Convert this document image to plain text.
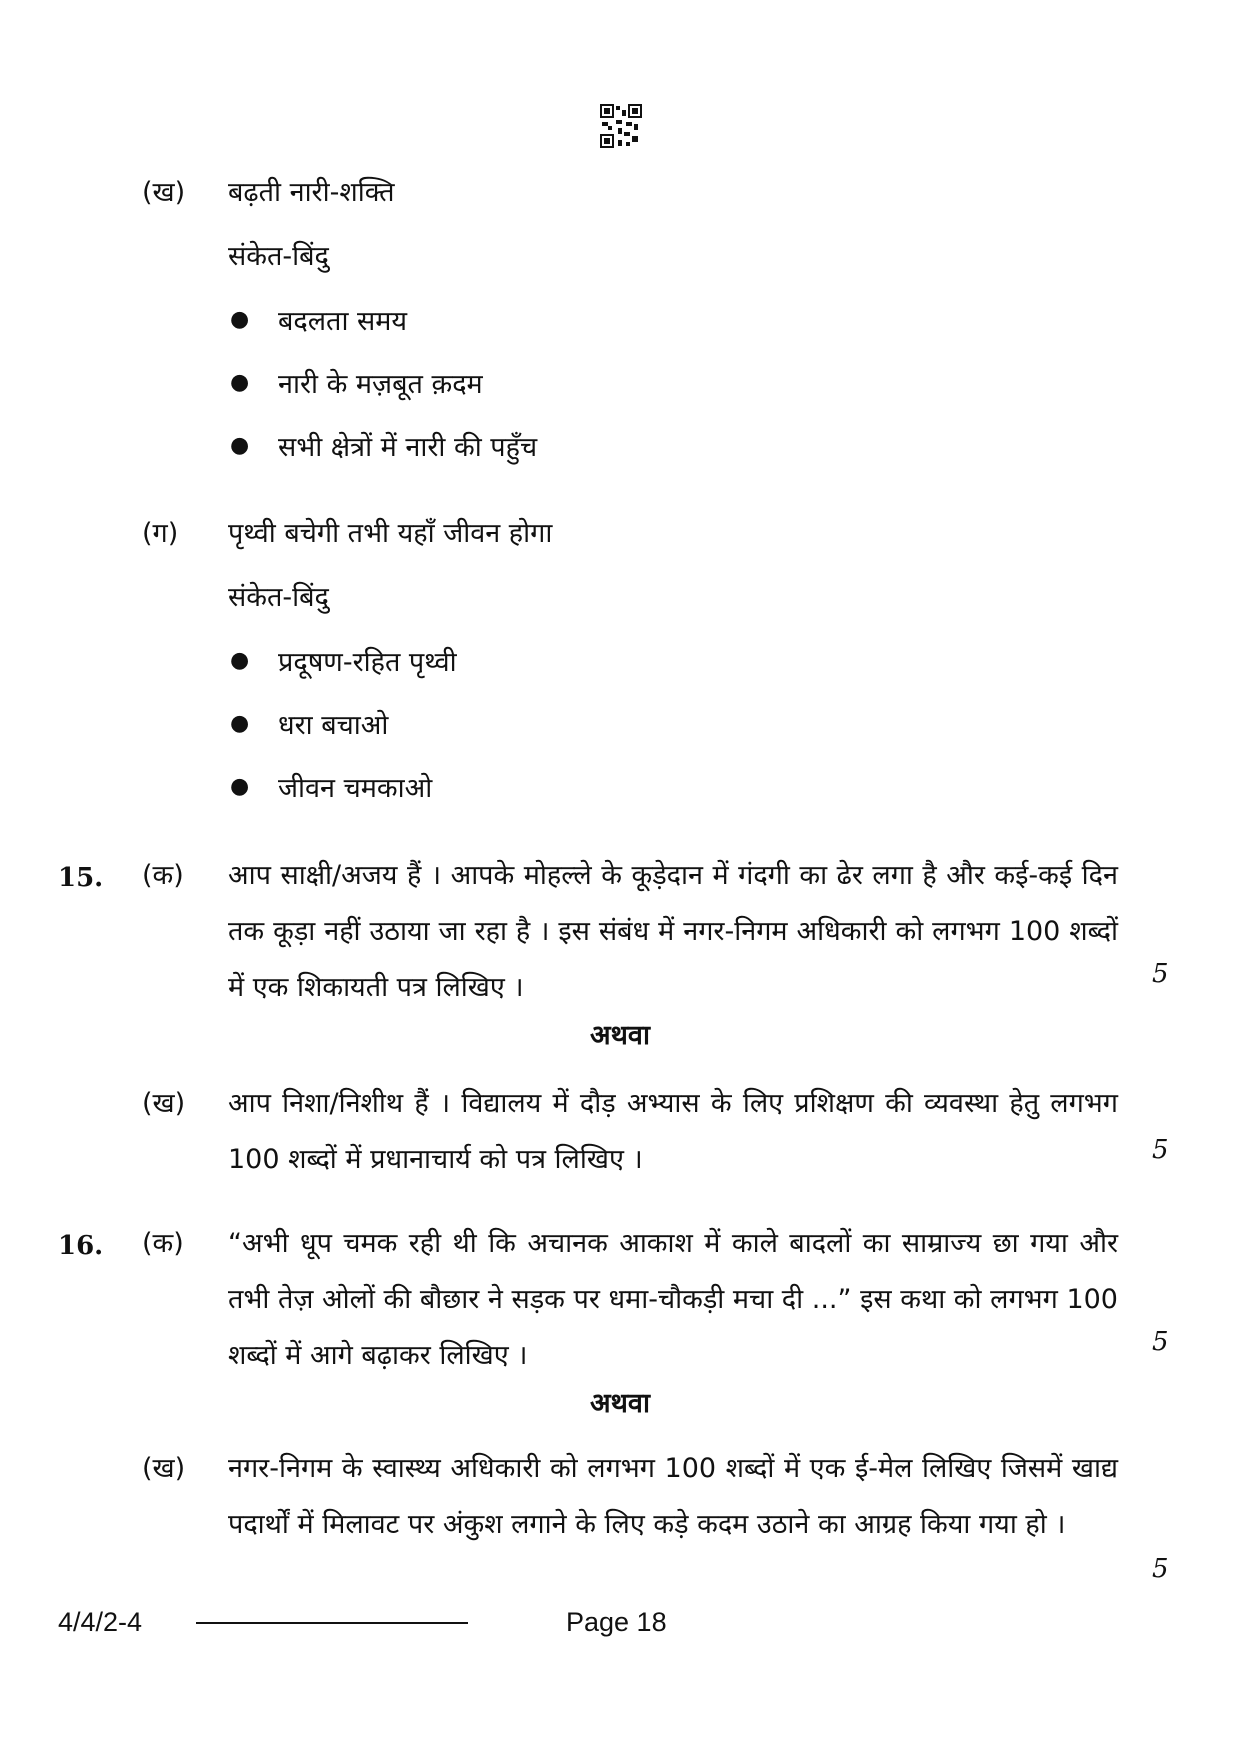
(ख) बढ़ती नारी-शक्ति
संकेत-बिंदु
● बदलता समय
● नारी के मज़बूत क़दम
● सभी क्षेत्रों में नारी की पहुँच
(ग) पृथ्वी बचेगी तभी यहाँ जीवन होगा
संकेत-बिंदु
● प्रदूषण-रहित पृथ्वी
● धरा बचाओ
● जीवन चमकाओ
15. (क) आप साक्षी/अजय हैं । आपके मोहल्ले के कूड़ेदान में गंदगी का ढेर लगा है और कई-कई दिन तक कूड़ा नहीं उठाया जा रहा है । इस संबंध में नगर-निगम अधिकारी को लगभग 100 शब्दों में एक शिकायती पत्र लिखिए ।	5
अथवा
(ख) आप निशा/निशीथ हैं । विद्यालय में दौड़ अभ्यास के लिए प्रशिक्षण की व्यवस्था हेतु लगभग 100 शब्दों में प्रधानाचार्य को पत्र लिखिए ।	5
16. (क) “अभी धूप चमक रही थी कि अचानक आकाश में काले बादलों का साम्राज्य छा गया और तभी तेज़ ओलों की बौछार ने सड़क पर धमा-चौकड़ी मचा दी ...” इस कथा को लगभग 100 शब्दों में आगे बढ़ाकर लिखिए ।	5
अथवा
(ख) नगर-निगम के स्वास्थ्य अधिकारी को लगभग 100 शब्दों में एक ई-मेल लिखिए जिसमें खाद्य पदार्थों में मिलावट पर अंकुश लगाने के लिए कड़े कदम उठाने का आग्रह किया गया हो ।
5
4/4/2-4	Page 18
